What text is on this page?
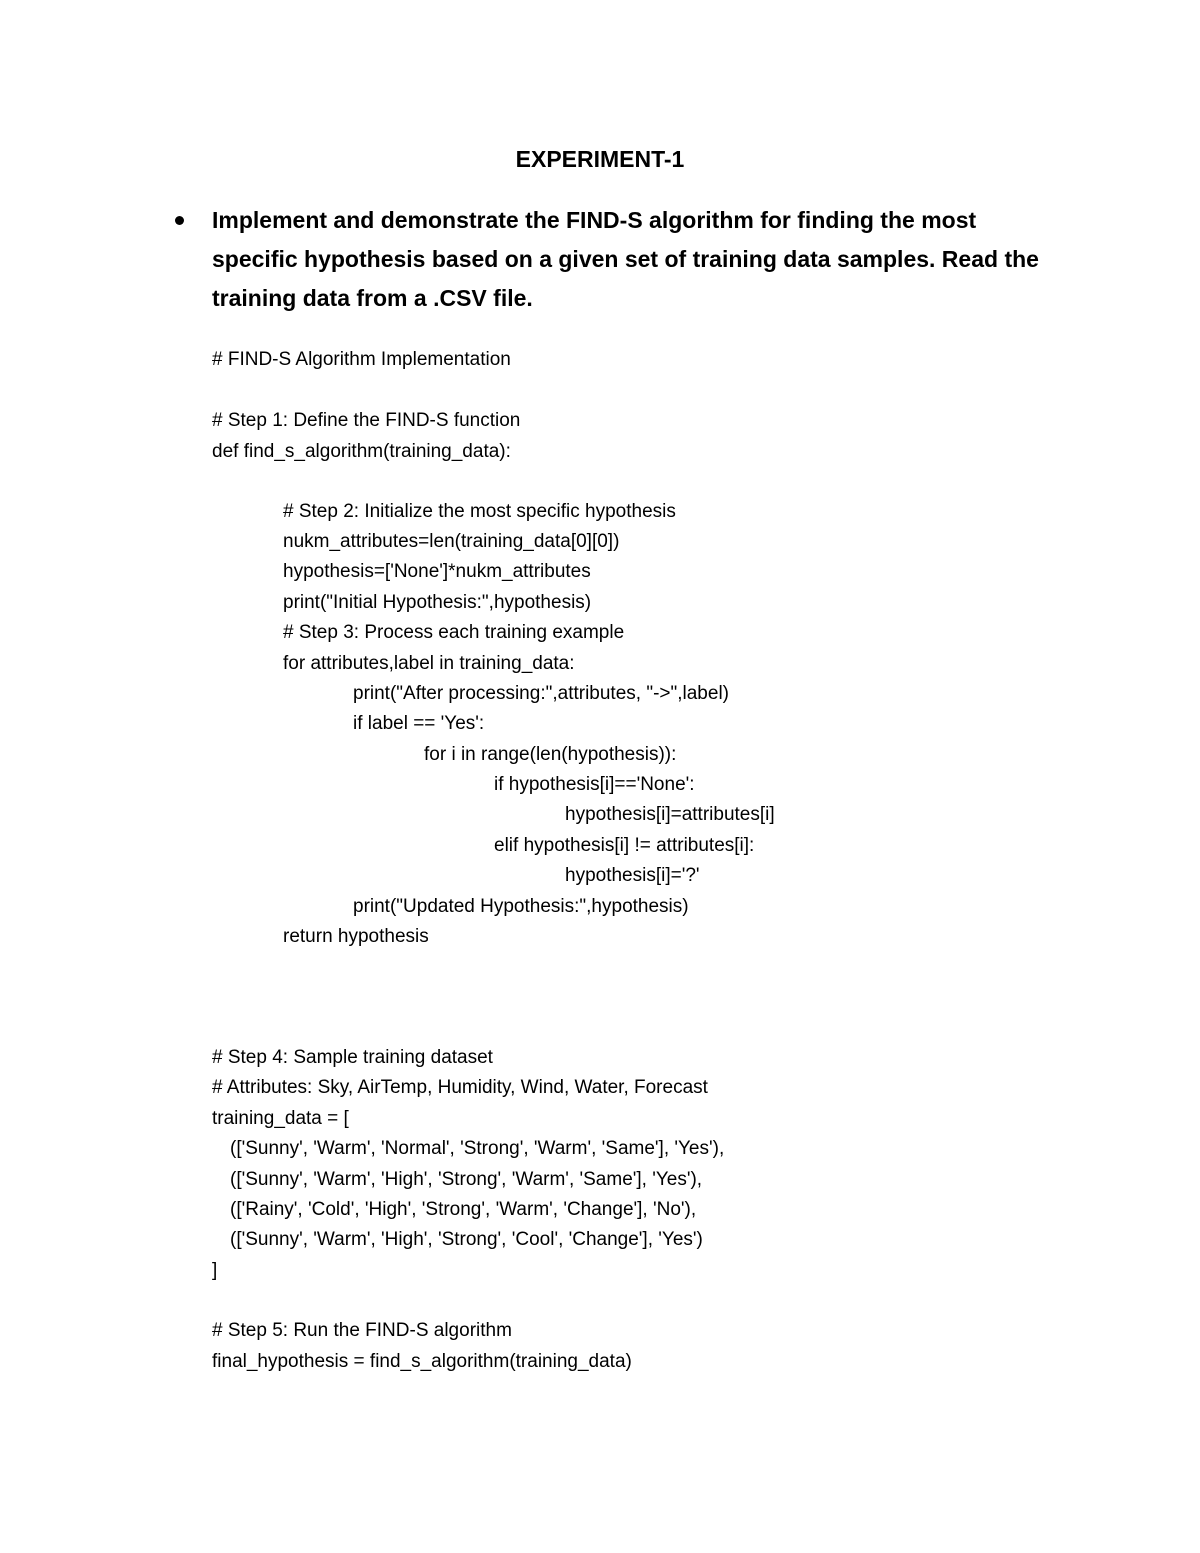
EXPERIMENT-1
Implement and demonstrate the FIND-S algorithm for finding the most specific hypothesis based on a given set of training data samples. Read the training data from a .CSV file.
# FIND-S Algorithm Implementation
# Step 1: Define the FIND-S function
def find_s_algorithm(training_data):
# Step 2: Initialize the most specific hypothesis
nukm_attributes=len(training_data[0][0])
hypothesis=['None']*nukm_attributes
print("Initial Hypothesis:",hypothesis)
# Step 3: Process each training example
for attributes,label in training_data:
print("After processing:",attributes, "->",label)
if label == 'Yes':
for i in range(len(hypothesis)):
if hypothesis[i]=='None':
hypothesis[i]=attributes[i]
elif hypothesis[i] != attributes[i]:
hypothesis[i]='?'
print("Updated Hypothesis:",hypothesis)
return hypothesis
# Step 4: Sample training dataset
# Attributes: Sky, AirTemp, Humidity, Wind, Water, Forecast
training_data = [
(['Sunny', 'Warm', 'Normal', 'Strong', 'Warm', 'Same'], 'Yes'),
(['Sunny', 'Warm', 'High', 'Strong', 'Warm', 'Same'], 'Yes'),
(['Rainy', 'Cold', 'High', 'Strong', 'Warm', 'Change'], 'No'),
(['Sunny', 'Warm', 'High', 'Strong', 'Cool', 'Change'], 'Yes')
]
# Step 5: Run the FIND-S algorithm
final_hypothesis = find_s_algorithm(training_data)
